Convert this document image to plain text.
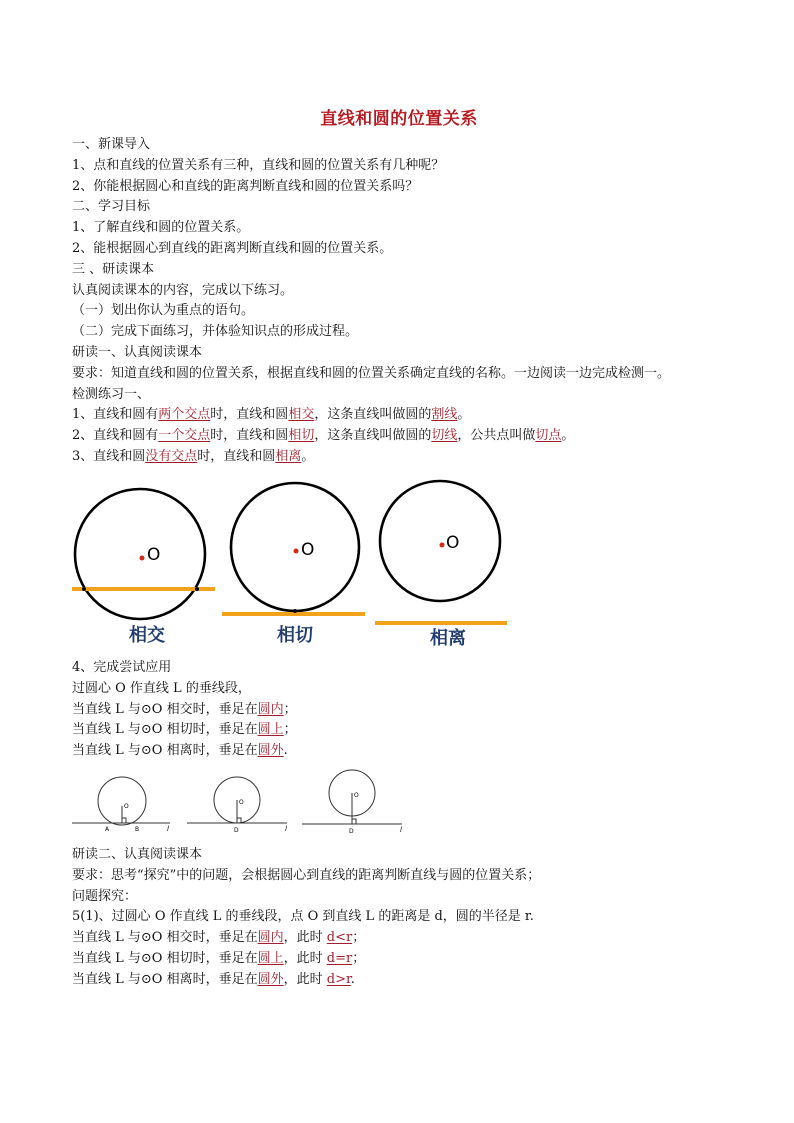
直线和圆的位置关系
一、新课导入
1、点和直线的位置关系有三种，直线和圆的位置关系有几种呢？
2、你能根据圆心和直线的距离判断直线和圆的位置关系吗？
二、学习目标
1、了解直线和圆的位置关系。
2、能根据圆心到直线的距离判断直线和圆的位置关系。
三 、研读课本
认真阅读课本的内容，完成以下练习。
（一）划出你认为重点的语句。
（二）完成下面练习，并体验知识点的形成过程。
研读一、认真阅读课本
要求：知道直线和圆的位置关系，根据直线和圆的位置关系确定直线的名称。一边阅读一边完成检测一。
检测练习一、
1、直线和圆有两个交点时，直线和圆相交，这条直线叫做圆的割线。
2、直线和圆有一个交点时，直线和圆相切，这条直线叫做圆的切线，公共点叫做切点。
3、直线和圆没有交点时，直线和圆相离。
O
相交
O
相切
O
相离
4、完成尝试应用
过圆心 O 作直线 L 的垂线段，
当直线 L 与⊙O 相交时，垂足在圆内；
当直线 L 与⊙O 相切时，垂足在圆上；
当直线 L 与⊙O 相离时，垂足在圆外.
O
A	B	l
O
D	l
O
D	l
研读二、认真阅读课本
要求：思考“探究”中的问题，会根据圆心到直线的距离判断直线与圆的位置关系；
问题探究：
5(1)、过圆心 O 作直线 L 的垂线段，点 O 到直线 L 的距离是 d，圆的半径是 r.
当直线 L 与⊙O 相交时，垂足在圆内，此时 d<r；
当直线 L 与⊙O 相切时，垂足在圆上，此时 d=r；
当直线 L 与⊙O 相离时，垂足在圆外，此时 d>r.
